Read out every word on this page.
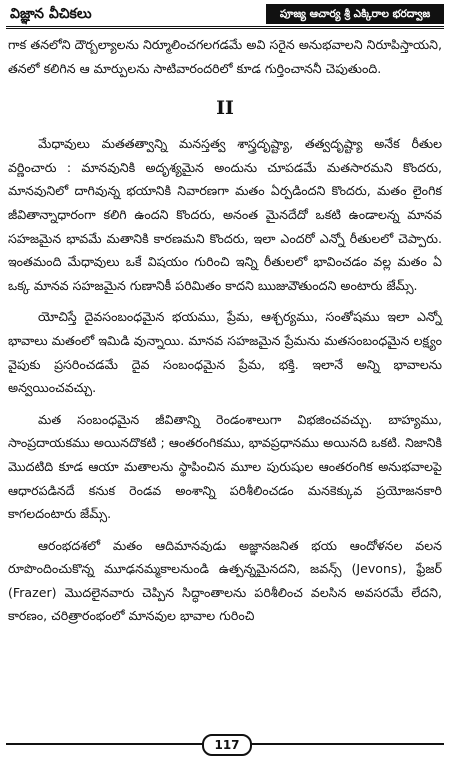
విజ్ఞాన వీచికలు	పూజ్య ఆచార్య శ్రీ ఎక్కిరాల భరద్వాజ

గాక తనలోని దౌర్బల్యాలను నిర్మూలించగలగడమే అవి సరైన అనుభవాలని నిరూపిస్తాయని, తనలో కలిగిన ఆ మార్పులను సాటివారందరిలో కూడ గుర్తించాననీ చెపుతుంది.

II

మేధావులు మతతత్వాన్ని మనస్తత్వ శాస్త్రదృష్ట్యా, తత్వదృష్ట్యా అనేక రీతుల వర్ణించారు : మానవునికి అదృశ్యమైన అందును చూపడమే మతసారమని కొందరు, మానవునిలో దాగివున్న భయానికి నివారణగా మతం ఏర్పడిందని కొందరు, మతం లైంగిక జీవితాన్నాధారంగా కలిగి ఉందని కొందరు, అనంత మైనదేదో ఒకటి ఉండాలన్న మానవ సహజమైన భావమే మతానికి కారణమని కొందరు, ఇలా ఎందరో ఎన్నో రీతులలో చెప్పారు. ఇంతమంది మేధావులు ఒకే విషయం గురించి ఇన్ని రీతులలో భావించడం వల్ల మతం ఏ ఒక్క మానవ సహజమైన గుణానికీ పరిమితం కాదని ఋజువౌతుందని అంటారు జేమ్స్.

యోచిస్తే దైవసంబంధమైన భయము, ప్రేమ, ఆశ్చర్యము, సంతోషము ఇలా ఎన్నో భావాలు మతంలో ఇమిడి వున్నాయి. మానవ సహజమైన ప్రేమను మతసంబంధమైన లక్ష్యం వైపుకు ప్రసరించడమే దైవ సంబంధమైన ప్రేమ, భక్తి. ఇలానే అన్ని భావాలను అన్వయించవచ్చు.

మత సంబంధమైన జీవితాన్ని రెండంశాలుగా విభజించవచ్చు. బాహ్యము, సాంప్రదాయకము అయినదొకటి ; ఆంతరంగికము, భావప్రధానము అయినది ఒకటి. నిజానికి మొదటిది కూడ ఆయా మతాలను స్థాపించిన మూల పురుషుల ఆంతరంగిక అనుభవాలపై ఆధారపడినదే కనుక రెండవ అంశాన్ని పరిశీలించడం మనకెక్కువ ప్రయోజనకారి కాగలదంటారు జేమ్స్.

ఆరంభదశలో మతం ఆదిమానవుడు అజ్ఞానజనిత భయ ఆందోళనల వలన రూపొందించుకొన్న మూఢనమ్మకాలనుండి ఉత్పన్నమైనదని, జవన్స్ (Jevons), ఫ్రేజర్ (Frazer) మొదలైనవారు చెప్పిన సిద్ధాంతాలను పరిశీలించ వలసిన అవసరమే లేదని, కారణం, చరిత్రారంభంలో మానవుల భావాల గురించి

117
